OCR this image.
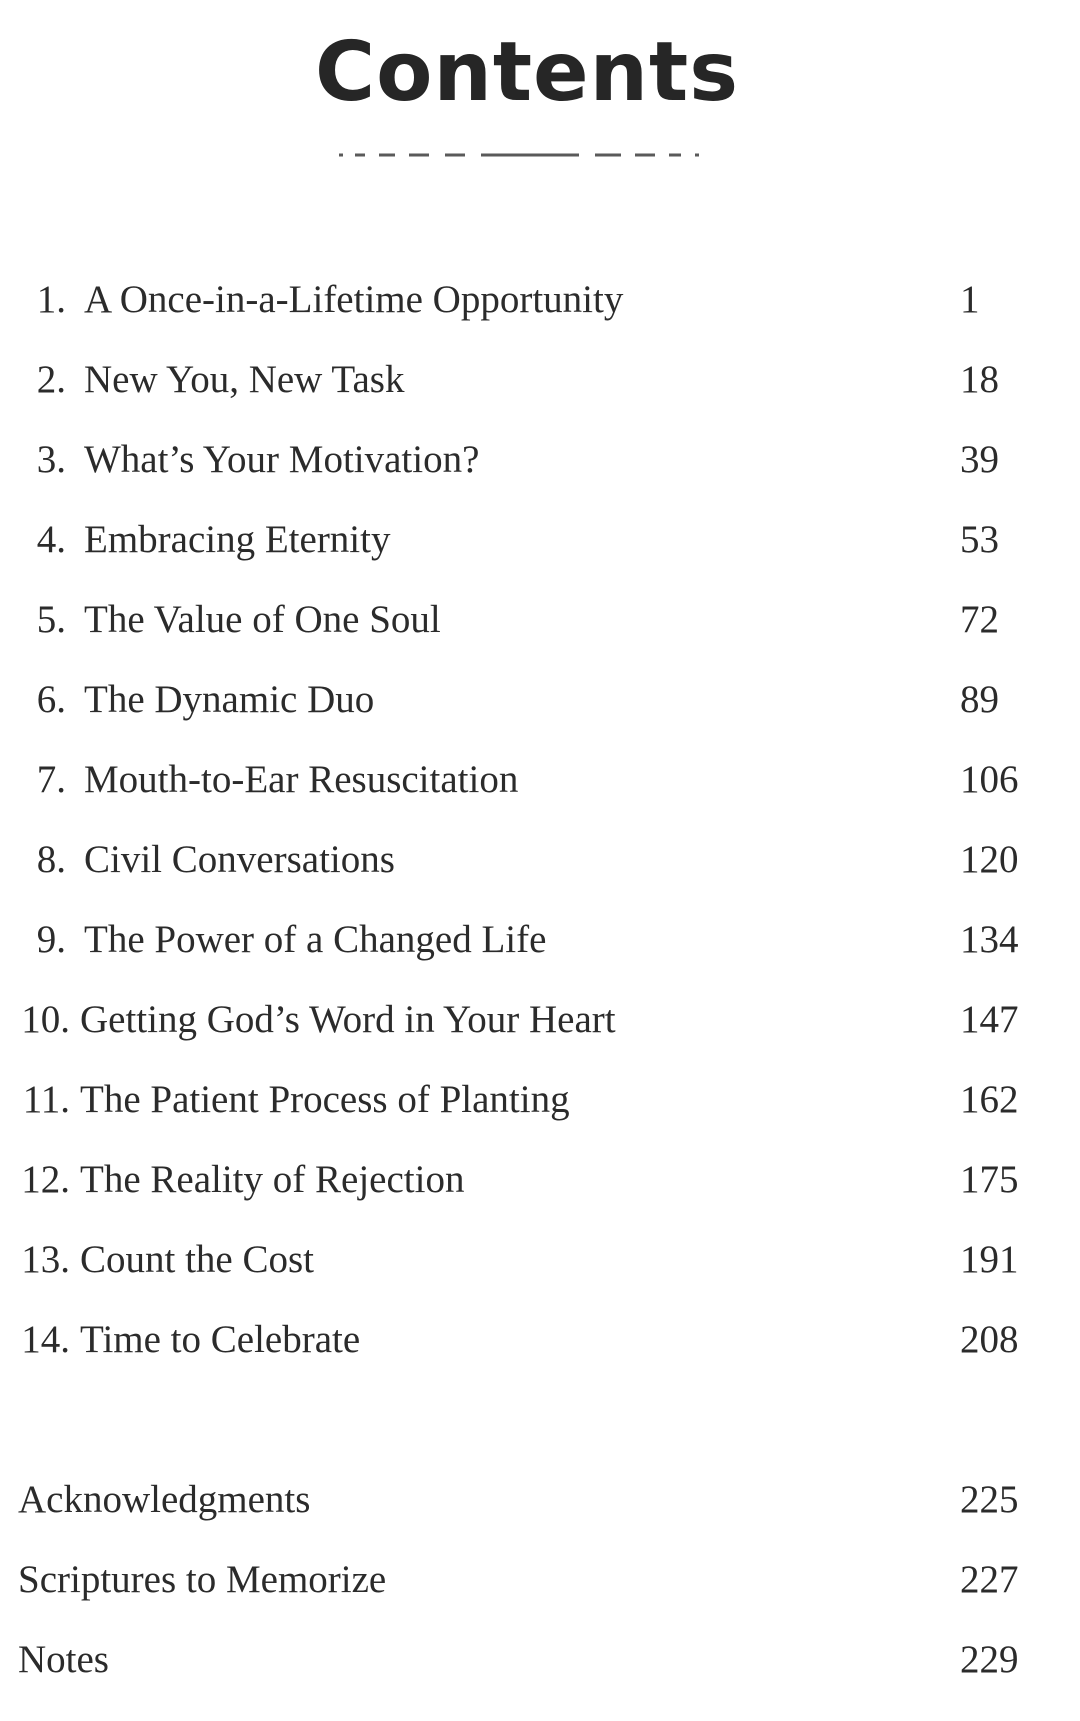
Contents
1. A Once-in-a-Lifetime Opportunity	1
2. New You, New Task	18
3. What’s Your Motivation?	39
4. Embracing Eternity	53
5. The Value of One Soul	72
6. The Dynamic Duo	89
7. Mouth-to-Ear Resuscitation	106
8. Civil Conversations	120
9. The Power of a Changed Life	134
10. Getting God’s Word in Your Heart	147
11. The Patient Process of Planting	162
12. The Reality of Rejection	175
13. Count the Cost	191
14. Time to Celebrate	208
Acknowledgments	225
Scriptures to Memorize	227
Notes	229
